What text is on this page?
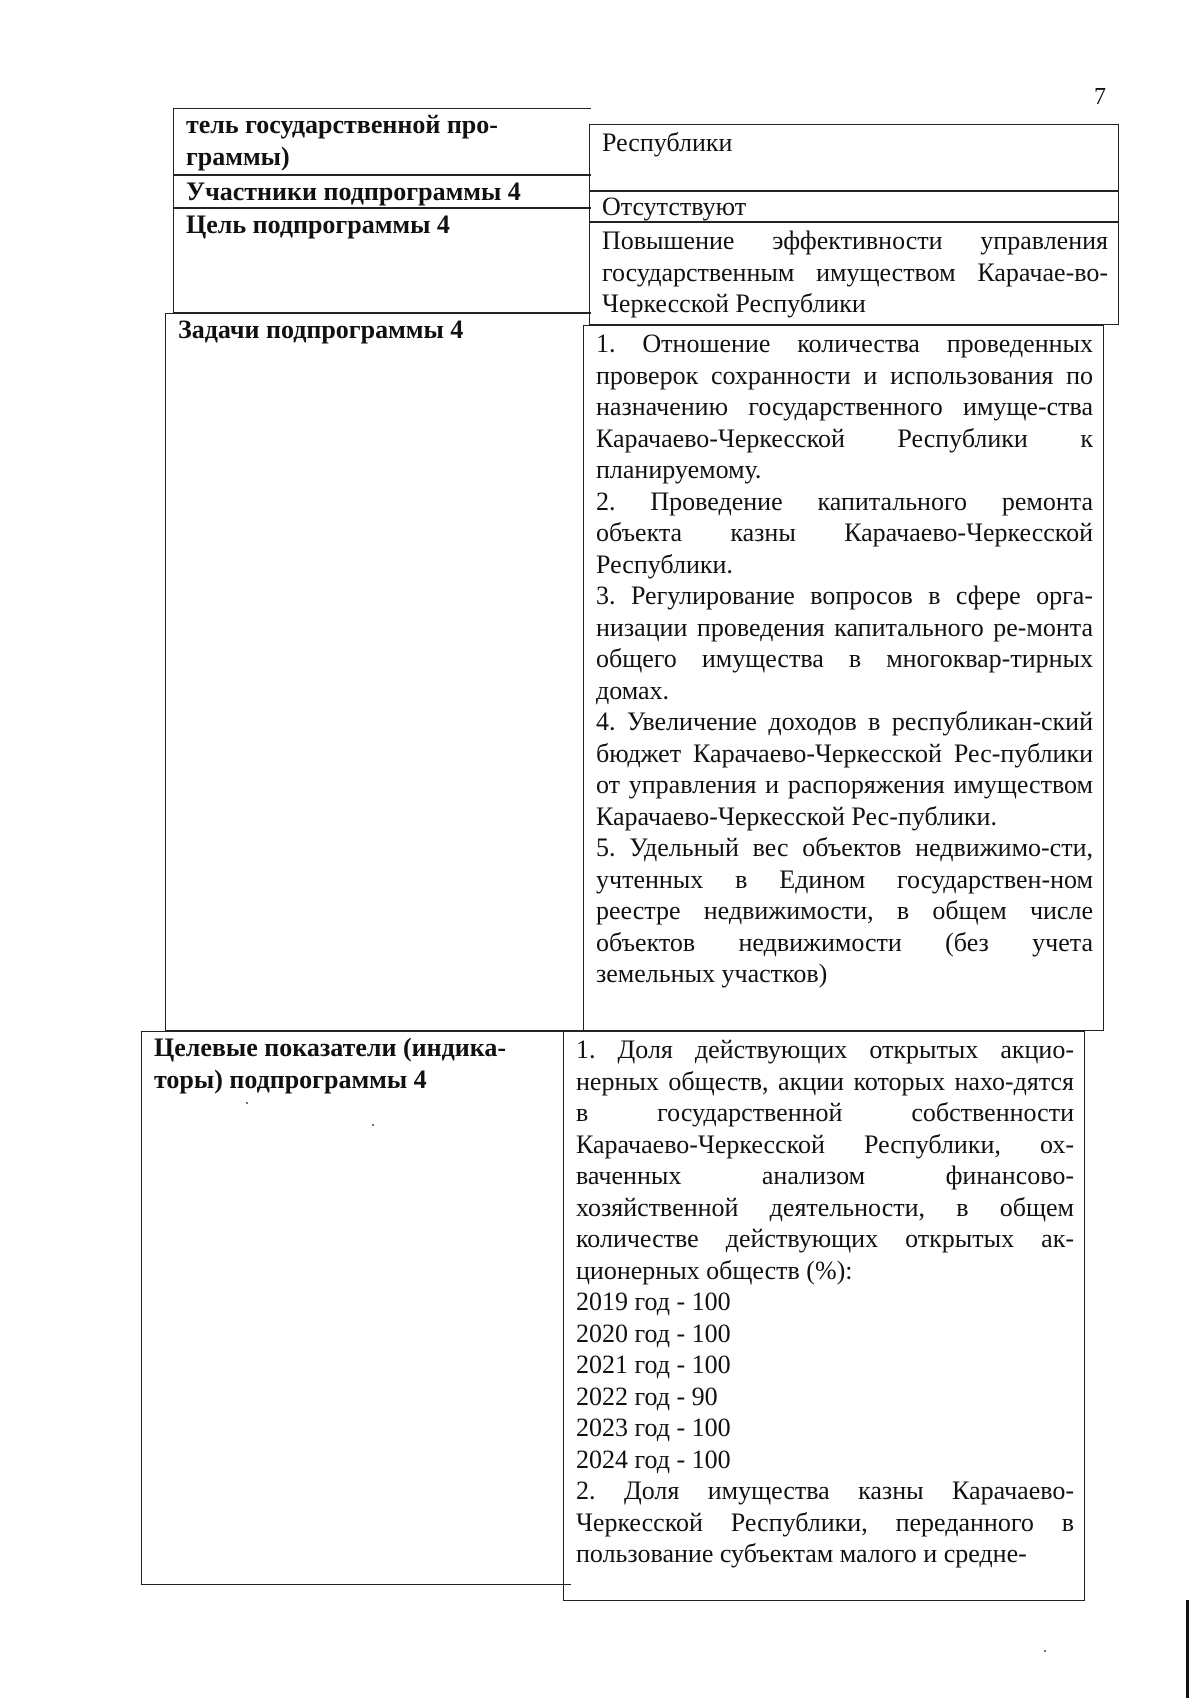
7

тель государственной про-

граммы)	Республики

Участники подпрограммы 4

Отсутствуют

Цель подпрограммы 4

Повышение эффективности управления государственным имуществом Карачае-во-Черкесской Республики

Задачи подпрограммы 4	1. Отношение количества проведенных проверок сохранности и использования по назначению государственного имуще-ства Карачаево-Черкесской Республики к планируемому.

2. Проведение капитального ремонта объекта казны Карачаево-Черкесской Республики.

3. Регулирование вопросов в сфере орга-низации проведения капитального ре-монта общего имущества в многоквар-тирных домах.

4. Увеличение доходов в республикан-ский бюджет Карачаево-Черкесской Рес-публики от управления и распоряжения имуществом Карачаево-Черкесской Рес-публики.

5. Удельный вес объектов недвижимо-сти, учтенных в Едином государствен-ном реестре недвижимости, в общем числе объектов недвижимости (без учета земельных участков)

Целевые показатели (индика-

торы) подпрограммы 4

1. Доля действующих открытых акцио-нерных обществ, акции которых нахо-дятся в государственной собственности Карачаево-Черкесской Республики, ох-ваченных анализом финансово-хозяйственной деятельности, в общем количестве действующих открытых ак-ционерных обществ (%):

2019 год - 100

2020 год - 100

2021 год - 100

2022 год - 90

2023 год - 100

2024 год - 100

2. Доля имущества казны Карачаево-Черкесской Республики, переданного в пользование субъектам малого и средне-
